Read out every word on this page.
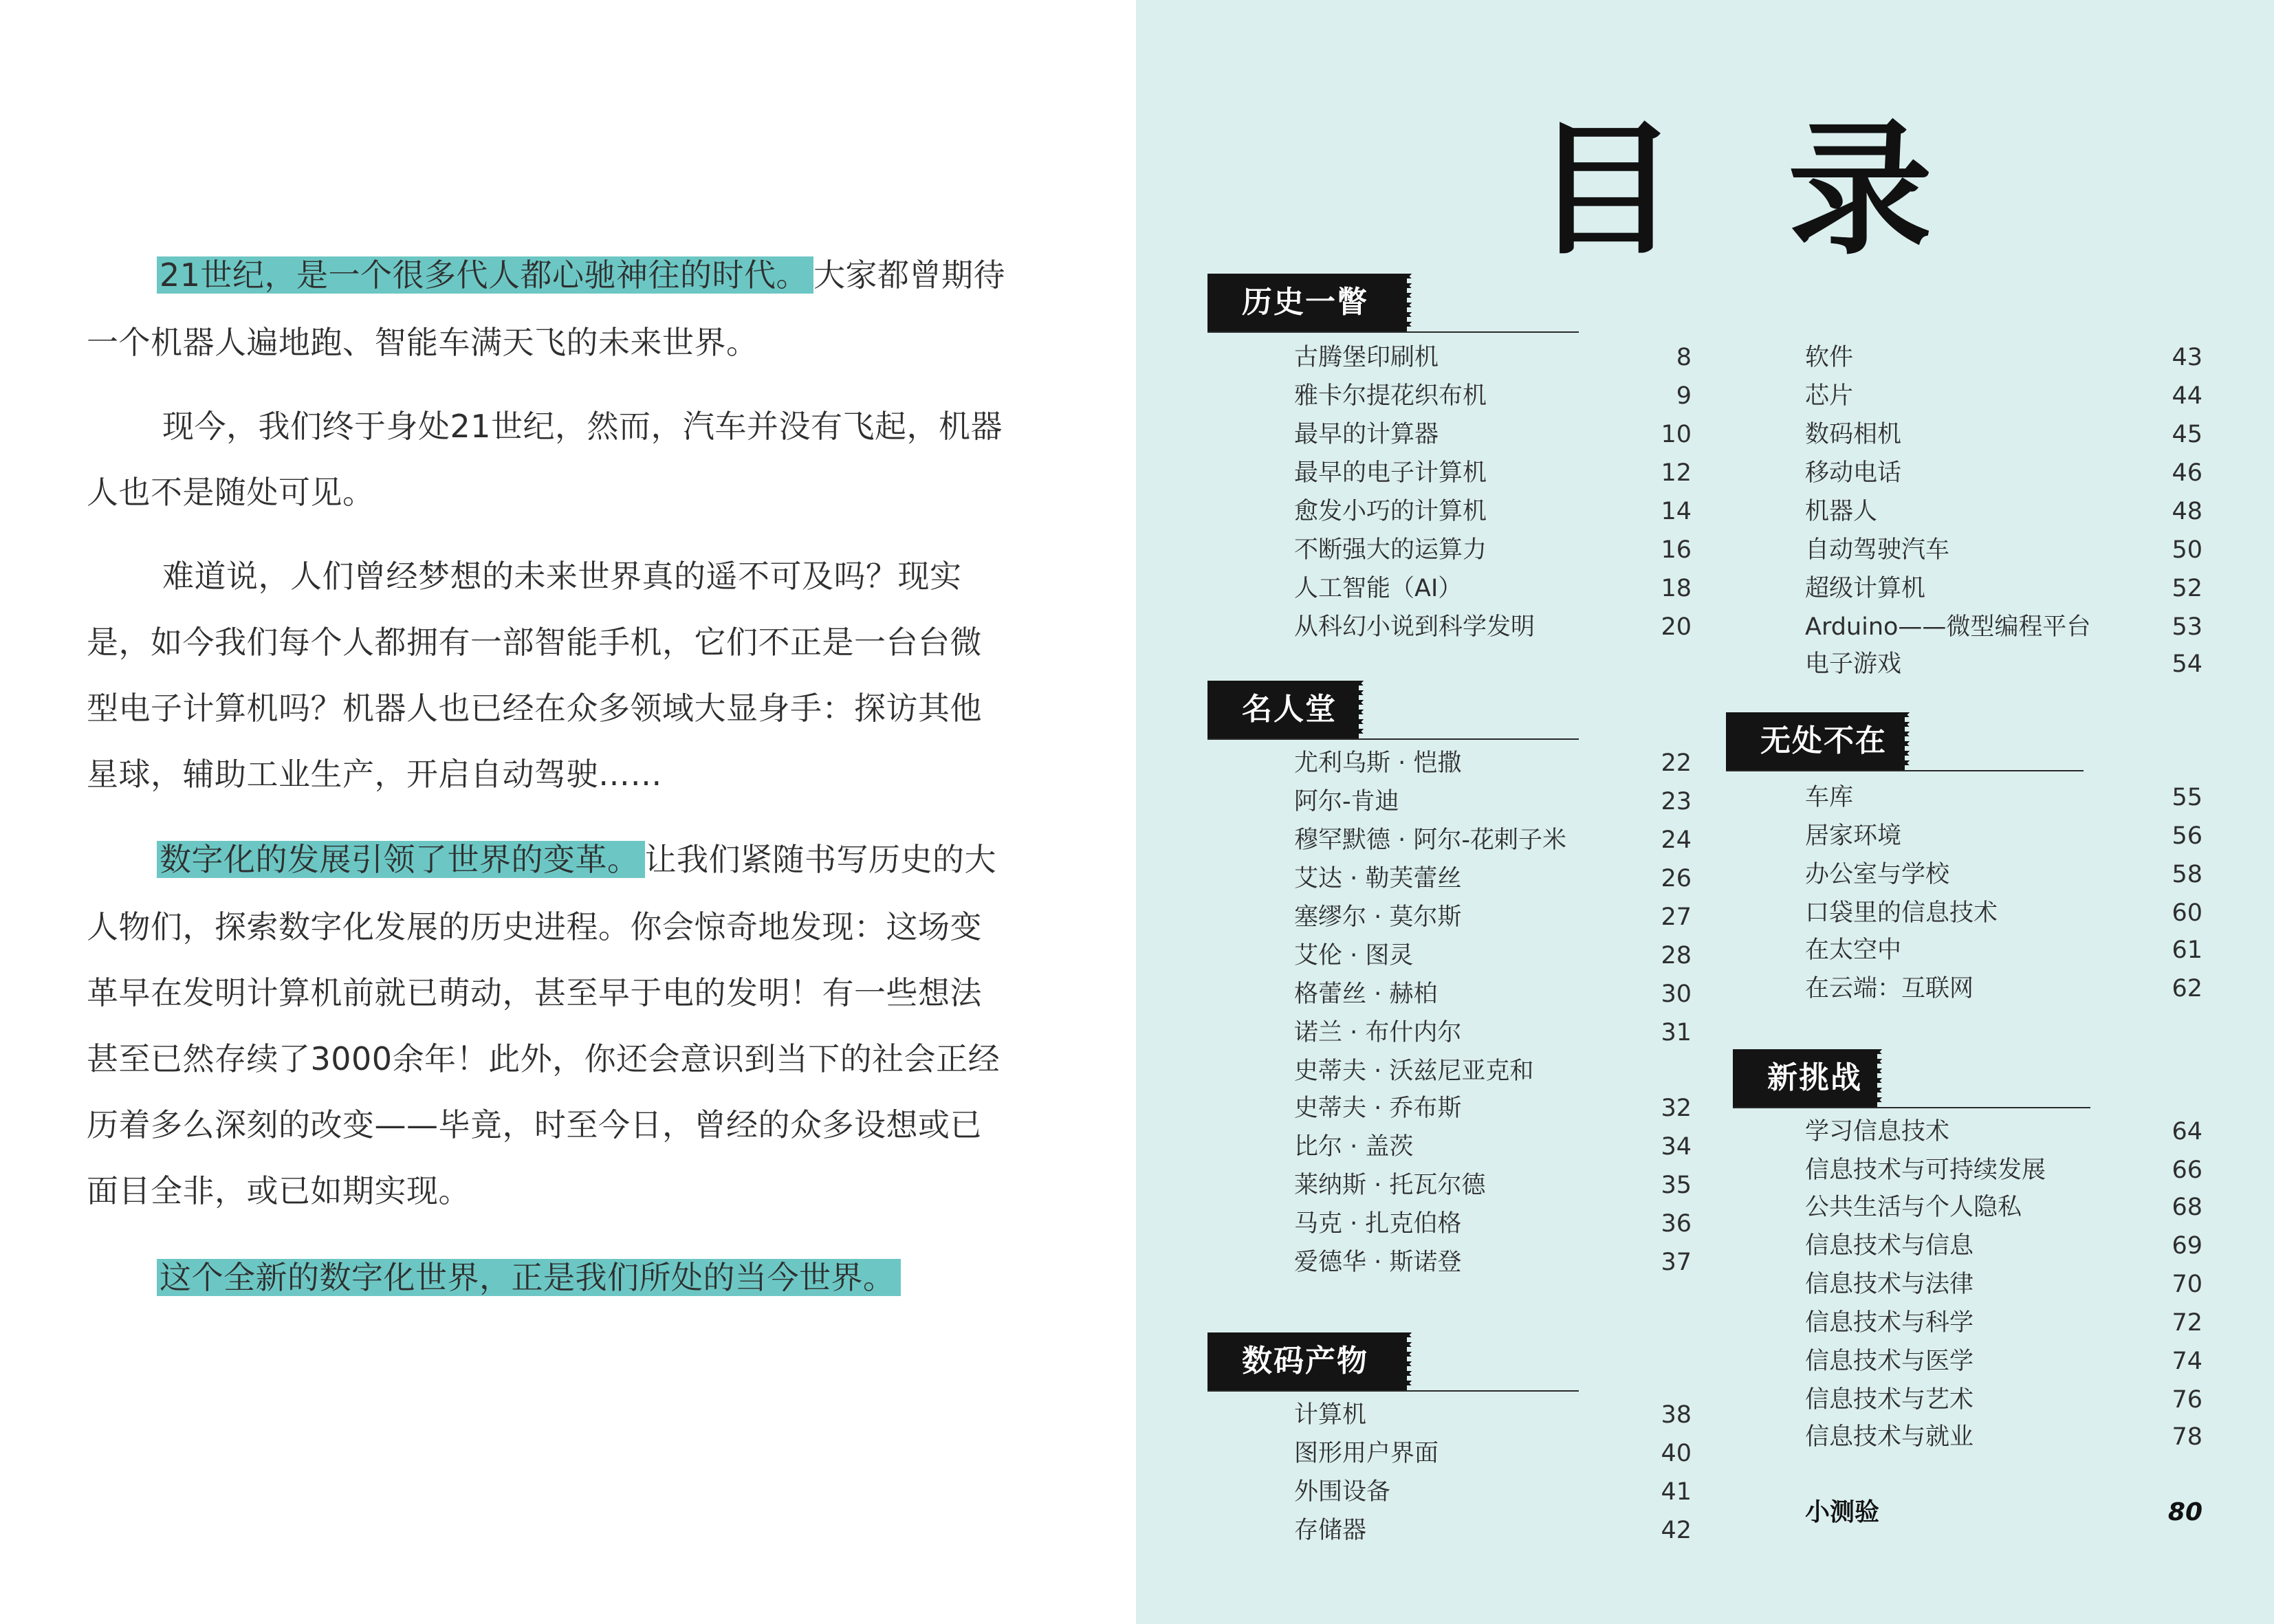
21世纪，是一个很多代人都心驰神往的时代。 大家都曾期待
一个机器人遍地跑、智能车满天飞的未来世界。
现今，我们终于身处21世纪，然而，汽车并没有飞起，机器
人也不是随处可见。
难道说，人们曾经梦想的未来世界真的遥不可及吗？现实
是，如今我们每个人都拥有一部智能手机，它们不正是一台台微
型电子计算机吗？机器人也已经在众多领域大显身手：探访其他
星球，辅助工业生产，开启自动驾驶……
数字化的发展引领了世界的变革。 让我们紧随书写历史的大
人物们，探索数字化发展的历史进程。你会惊奇地发现：这场变
革早在发明计算机前就已萌动，甚至早于电的发明！有一些想法
甚至已然存续了3000余年！此外，你还会意识到当下的社会正经
历着多么深刻的改变——毕竟，时至今日，曾经的众多设想或已
面目全非，或已如期实现。
这个全新的数字化世界，正是我们所处的当今世界。
目 录
历史一瞥
古腾堡印刷机	8
雅卡尔提花织布机	9
最早的计算器	10
最早的电子计算机	12
愈发小巧的计算机	14
不断强大的运算力	16
人工智能（AI）	18
从科幻小说到科学发明	20
名人堂
尤利乌斯 · 恺撒	22
阿尔-肯迪	23
穆罕默德 · 阿尔-花剌子米	24
艾达 · 勒芙蕾丝	26
塞缪尔 · 莫尔斯	27
艾伦 · 图灵	28
格蕾丝 · 赫柏	30
诺兰 · 布什内尔	31
史蒂夫 · 沃兹尼亚克和
史蒂夫 · 乔布斯	32
比尔 · 盖茨	34
莱纳斯 · 托瓦尔德	35
马克 · 扎克伯格	36
爱德华 · 斯诺登	37
数码产物
计算机	38
图形用户界面	40
外围设备	41
存储器	42
软件	43
芯片	44
数码相机	45
移动电话	46
机器人	48
自动驾驶汽车	50
超级计算机	52
Arduino——微型编程平台	53
电子游戏	54
无处不在
车库	55
居家环境	56
办公室与学校	58
口袋里的信息技术	60
在太空中	61
在云端：互联网	62
新挑战
学习信息技术	64
信息技术与可持续发展	66
公共生活与个人隐私	68
信息技术与信息	69
信息技术与法律	70
信息技术与科学	72
信息技术与医学	74
信息技术与艺术	76
信息技术与就业	78
小测验	80
